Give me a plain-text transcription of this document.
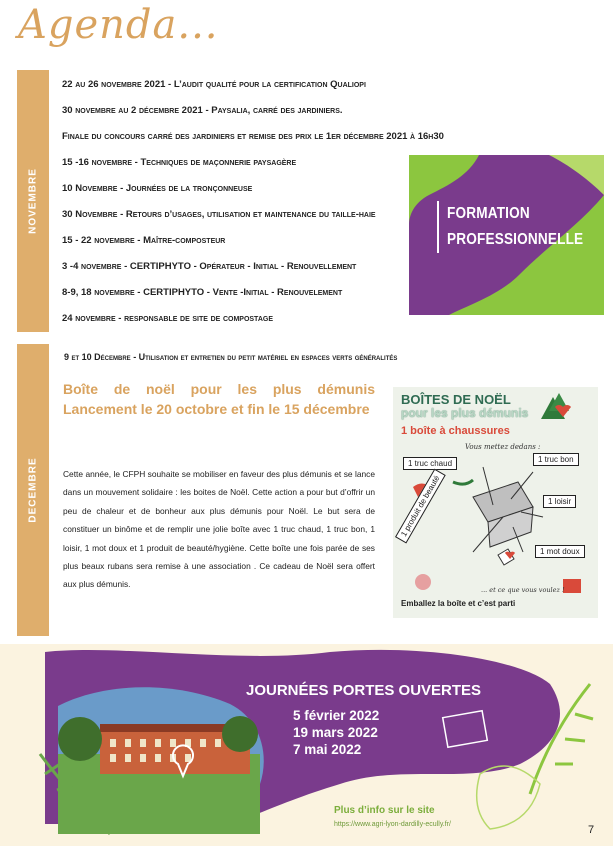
Agenda...
NOVEMBRE
DECEMBRE
22 au 26 novembre 2021 - L’audit qualité pour la certification Qualiopi
30 novembre au 2 décembre 2021 - Paysalia, carré des jardiniers.
Finale du concours carré des jardiniers et remise des prix le 1er décembre 2021 à 16h30
15 -16 novembre - Techniques de maçonnerie paysagère
10 Novembre - Journées de la tronçonneuse
30 Novembre - Retours d’usages, utilisation et maintenance du taille-haie
15 - 22 novembre - Maître-composteur
3 -4 novembre - CERTIPHYTO - Opérateur - Initial - Renouvellement
8-9, 18 novembre - CERTIPHYTO - Vente -Initial - Renouvelement
24 novembre - responsable de site de compostage
FORMATION
PROFESSIONNELLE
9 et 10 Décembre - Utilisation et entretien du petit matériel en espaces verts généralités
Boîte de noël pour les plus démunis Lancement le 20 octobre et fin le 15 décembre
Cette année, le CFPH souhaite se mobiliser en faveur des plus démunis et se lance dans un mouvement solidaire : les boites de Noël. Cette action a pour but d’offrir un peu de chaleur et de bonheur aux plus démunis pour Noël. Le but sera de constituer un binôme et de remplir une jolie boîte avec 1 truc chaud, 1 truc bon, 1 loisir, 1 mot doux et 1 produit de beauté/hygiène. Cette boîte une fois parée de ses plus beaux rubans sera remise à une association . Ce cadeau de Noël sera offert aux plus démunis.
BOÎTES DE NOËL
pour les plus démunis
1 boîte à chaussures
Vous mettez dedans :
1 truc chaud	1 truc bon
1 loisir
1 produit de beauté
1 mot doux
... et ce que vous voulez !
Emballez la boîte et c’est parti
JOURNÉES PORTES OUVERTES
5 février 2022
19 mars 2022
7 mai 2022
Plus d’info sur le site
https://www.agri-lyon-dardilly-ecully.fr/	7
